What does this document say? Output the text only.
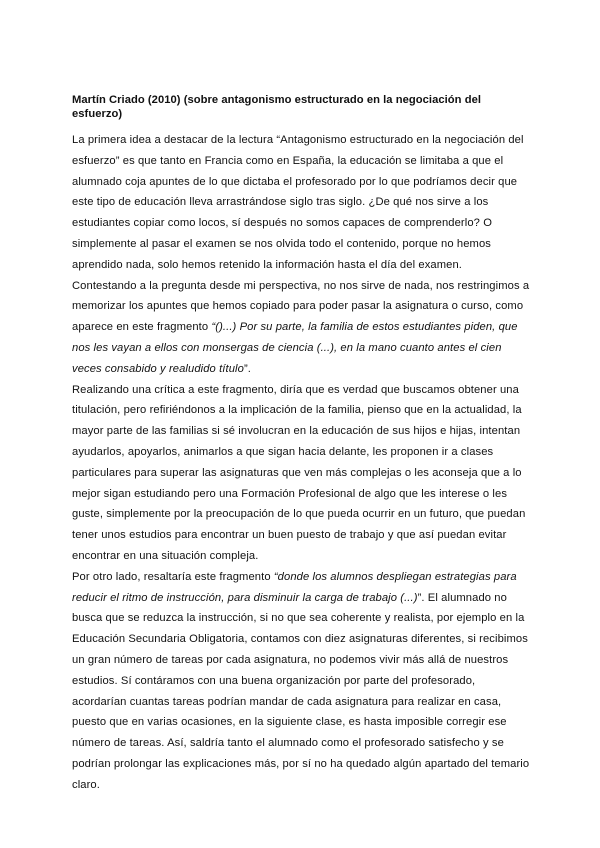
Martín Criado (2010) (sobre antagonismo estructurado en la negociación del esfuerzo)

La primera idea a destacar de la lectura “Antagonismo estructurado en la negociación del esfuerzo” es que tanto en Francia como en España, la educación se limitaba a que el alumnado coja apuntes de lo que dictaba el profesorado por lo que podríamos decir que este tipo de educación lleva arrastrándose siglo tras siglo. ¿De qué nos sirve a los estudiantes copiar como locos, sí después no somos capaces de comprenderlo? O simplemente al pasar el examen se nos olvida todo el contenido, porque no hemos aprendido nada, solo hemos retenido la información hasta el día del examen.

Contestando a la pregunta desde mi perspectiva, no nos sirve de nada, nos restringimos a memorizar los apuntes que hemos copiado para poder pasar la asignatura o curso, como aparece en este fragmento “()...) Por su parte, la familia de estos estudiantes piden, que nos les vayan a ellos con monsergas de ciencia (...), en la mano cuanto antes el cien veces consabido y realudido título”.

Realizando una crítica a este fragmento, diría que es verdad que buscamos obtener una titulación, pero refiriéndonos a la implicación de la familia, pienso que en la actualidad, la mayor parte de las familias si sé involucran en la educación de sus hijos e hijas, intentan ayudarlos, apoyarlos, animarlos a que sigan hacia delante, les proponen ir a clases particulares para superar las asignaturas que ven más complejas o les aconseja que a lo mejor sigan estudiando pero una Formación Profesional de algo que les interese o les guste, simplemente por la preocupación de lo que pueda ocurrir en un futuro, que puedan tener unos estudios para encontrar un buen puesto de trabajo y que así puedan evitar encontrar en una situación compleja.

Por otro lado, resaltaría este fragmento “donde los alumnos despliegan estrategias para reducir el ritmo de instrucción, para disminuir la carga de trabajo (...)”. El alumnado no busca que se reduzca la instrucción, si no que sea coherente y realista, por ejemplo en la Educación Secundaria Obligatoria, contamos con diez asignaturas diferentes, si recibimos un gran número de tareas por cada asignatura, no podemos vivir más allá de nuestros estudios. Sí contáramos con una buena organización por parte del profesorado, acordarían cuantas tareas podrían mandar de cada asignatura para realizar en casa, puesto que en varias ocasiones, en la siguiente clase, es hasta imposible corregir ese número de tareas. Así, saldría tanto el alumnado como el profesorado satisfecho y se podrían prolongar las explicaciones más, por sí no ha quedado algún apartado del temario claro.
